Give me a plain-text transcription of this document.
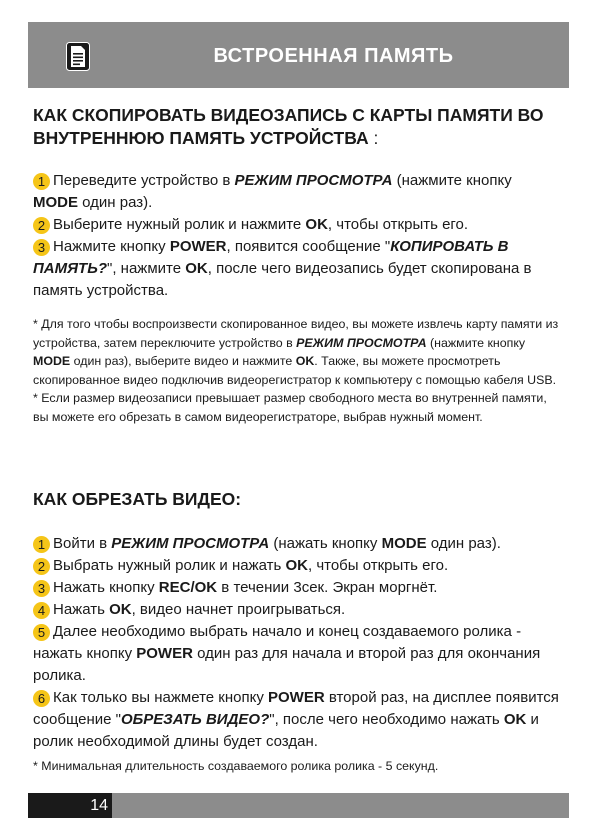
ВСТРОЕННАЯ ПАМЯТЬ

КАК СКОПИРОВАТЬ ВИДЕОЗАПИСЬ С КАРТЫ ПАМЯТИ ВО ВНУТРЕННЮЮ ПАМЯТЬ УСТРОЙСТВА :

1 Переведите устройство в РЕЖИМ ПРОСМОТРА (нажмите кнопку MODE один раз).

2 Выберите нужный ролик и нажмите OK, чтобы открыть его.

3 Нажмите кнопку POWER, появится сообщение "КОПИРОВАТЬ В ПАМЯТЬ?", нажмите OK, после чего видеозапись будет скопирована в память устройства.

* Для того чтобы воспроизвести скопированное видео, вы можете извлечь карту памяти из устройства, затем переключите устройство в РЕЖИМ ПРОСМОТРА (нажмите кнопку MODE один раз), выберите видео и нажмите OK. Также, вы можете просмотреть скопированное видео подключив видеорегистратор к компьютеру с помощью кабеля USB.

* Если размер видеозаписи превышает размер свободного места во внутренней памяти, вы можете его обрезать в самом видеорегистраторе, выбрав нужный момент.

КАК ОБРЕЗАТЬ ВИДЕО:

1 Войти в РЕЖИМ ПРОСМОТРА (нажать кнопку MODE один раз).

2 Выбрать нужный ролик и нажать OK, чтобы открыть его.

3 Нажать кнопку REC/OK в течении 3сек. Экран моргнёт.

4 Нажать OK, видео начнет проигрываться.

5 Далее необходимо выбрать начало и конец создаваемого ролика - нажать кнопку POWER один раз для начала и второй раз для окончания ролика.

6 Как только вы нажмете кнопку POWER второй раз, на дисплее появится сообщение "ОБРЕЗАТЬ ВИДЕО?", после чего необходимо нажать OK и ролик необходимой длины будет создан.

* Минимальная длительность создаваемого ролика ролика - 5 секунд.

14
